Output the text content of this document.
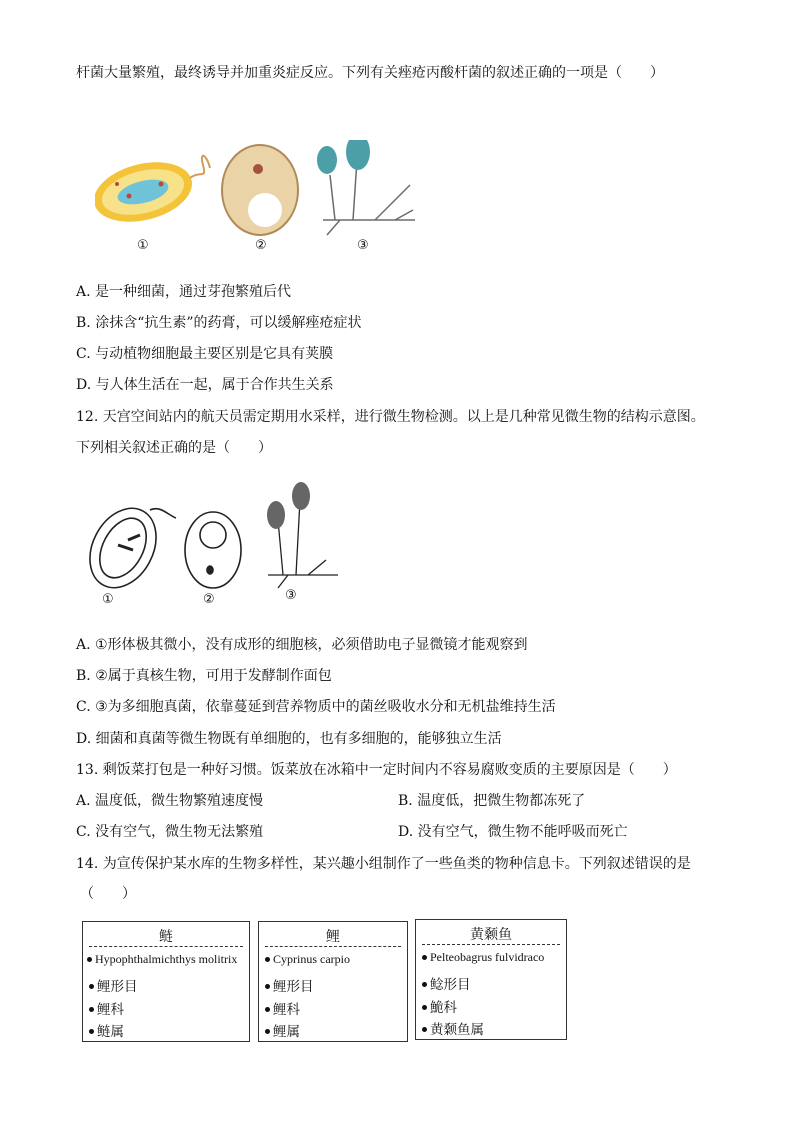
杆菌大量繁殖，最终诱导并加重炎症反应。下列有关痤疮丙酸杆菌的叙述正确的一项是（　　）
①	②	③
A. 是一种细菌，通过芽孢繁殖后代
B. 涂抹含“抗生素”的药膏，可以缓解痤疮症状
C. 与动植物细胞最主要区别是它具有荚膜
D. 与人体生活在一起，属于合作共生关系
12. 天宫空间站内的航天员需定期用水采样，进行微生物检测。以上是几种常见微生物的结构示意图。
下列相关叙述正确的是（　　）
①	②	③
A. ①形体极其微小，没有成形的细胞核，必须借助电子显微镜才能观察到
B. ②属于真核生物，可用于发酵制作面包
C. ③为多细胞真菌，依靠蔓延到营养物质中的菌丝吸收水分和无机盐维持生活
D. 细菌和真菌等微生物既有单细胞的，也有多细胞的，能够独立生活
13. 剩饭菜打包是一种好习惯。饭菜放在冰箱中一定时间内不容易腐败变质的主要原因是（　　）
A. 温度低，微生物繁殖速度慢	B. 温度低，把微生物都冻死了
C. 没有空气，微生物无法繁殖	D. 没有空气，微生物不能呼吸而死亡
14. 为宣传保护某水库的生物多样性，某兴趣小组制作了一些鱼类的物种信息卡。下列叙述错误的是
（　　）
鲢
Hypophthalmichthys molitrix
鲤形目
鲤科
鲢属
鲤
Cyprinus carpio
鲤形目
鲤科
鲤属
黄颡鱼
Pelteobagrus fulvidraco
鲶形目
鮠科
黄颡鱼属
